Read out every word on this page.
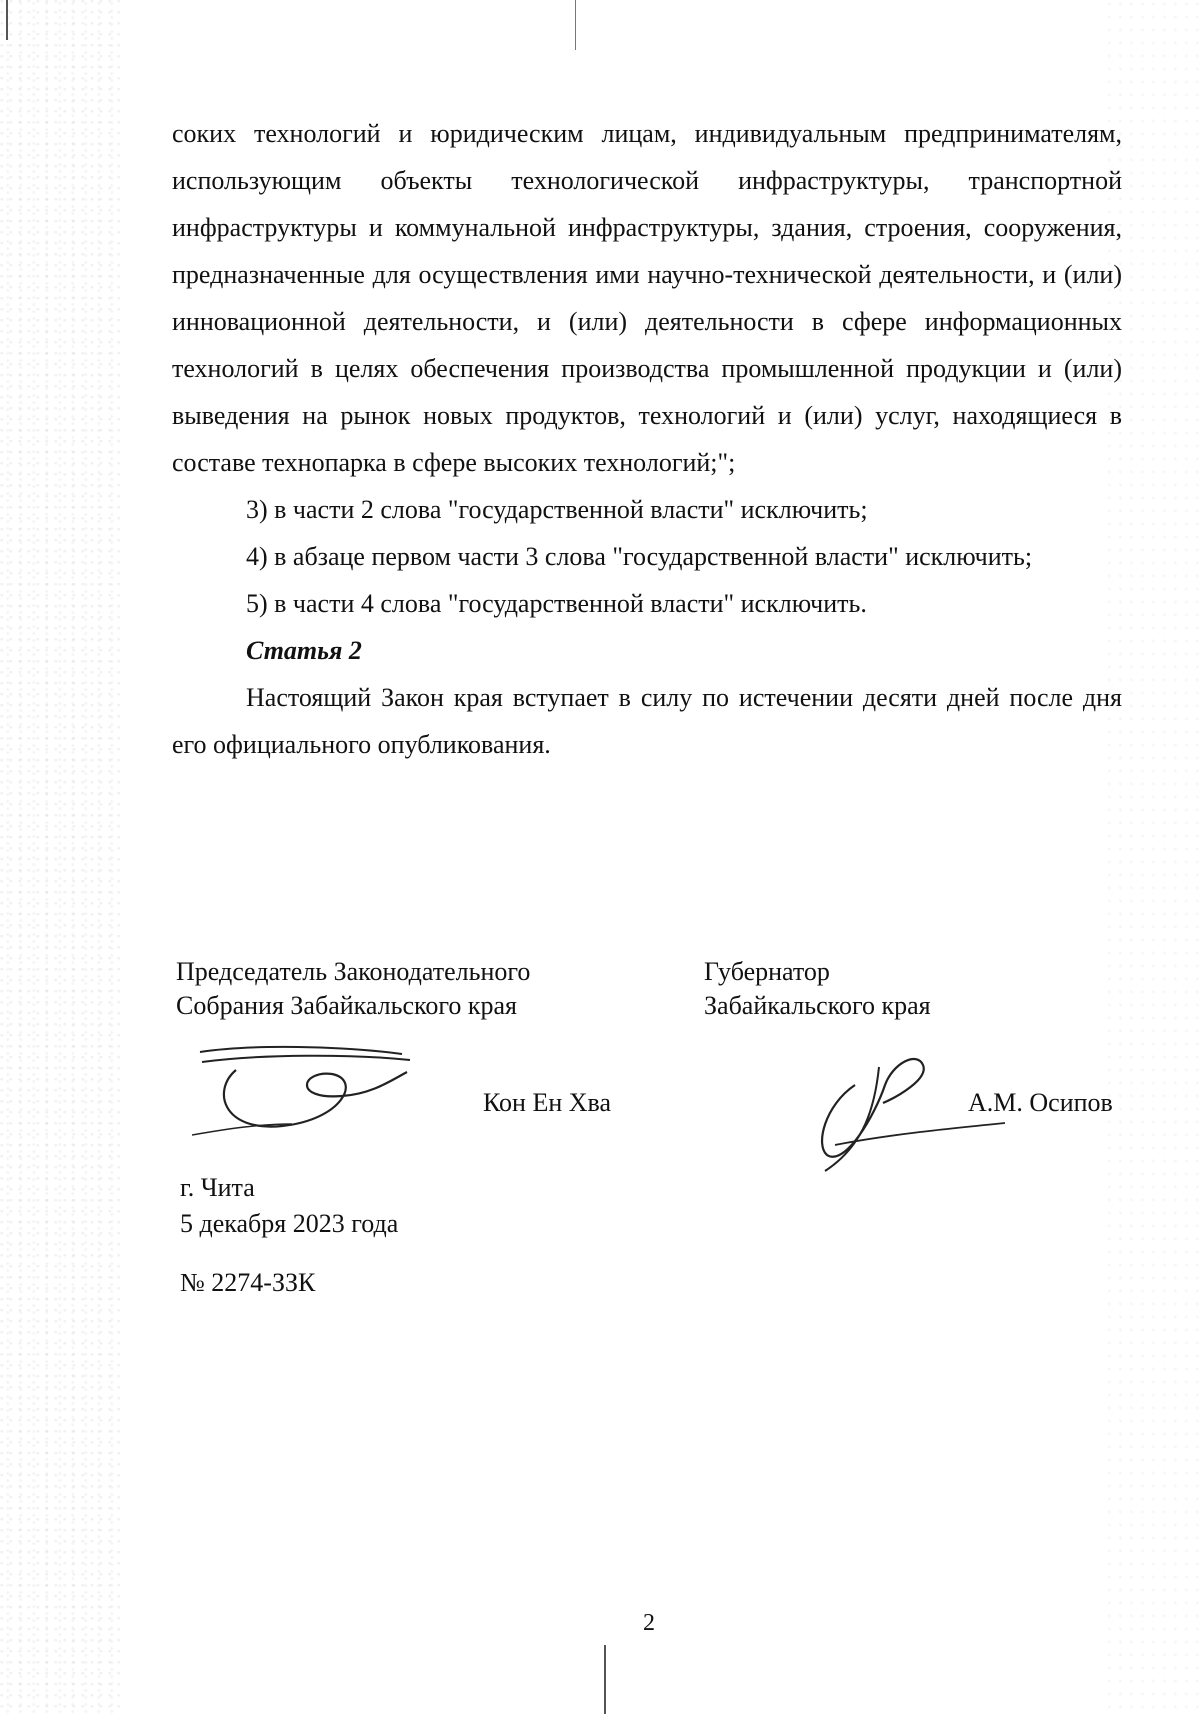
соких технологий и юридическим лицам, индивидуальным предпринимателям, использующим объекты технологической инфраструктуры, транспортной инфраструктуры и коммунальной инфраструктуры, здания, строения, сооружения, предназначенные для осуществления ими научно-технической деятельности, и (или) инновационной деятельности, и (или) деятельности в сфере информационных технологий в целях обеспечения производства промышленной продукции и (или) выведения на рынок новых продуктов, технологий и (или) услуг, находящиеся в составе технопарка в сфере высоких технологий;";

3) в части 2 слова "государственной власти" исключить;

4) в абзаце первом части 3 слова "государственной власти" исключить;

5) в части 4 слова "государственной власти" исключить.

Статья 2

Настоящий Закон края вступает в силу по истечении десяти дней после дня его официального опубликования.

Председатель Законодательного
Собрания Забайкальского края
Губернатор
Забайкальского края
Кон Ен Хва	А.М. Осипов
г. Чита
5 декабря 2023 года
№ 2274-ЗЗК
2
